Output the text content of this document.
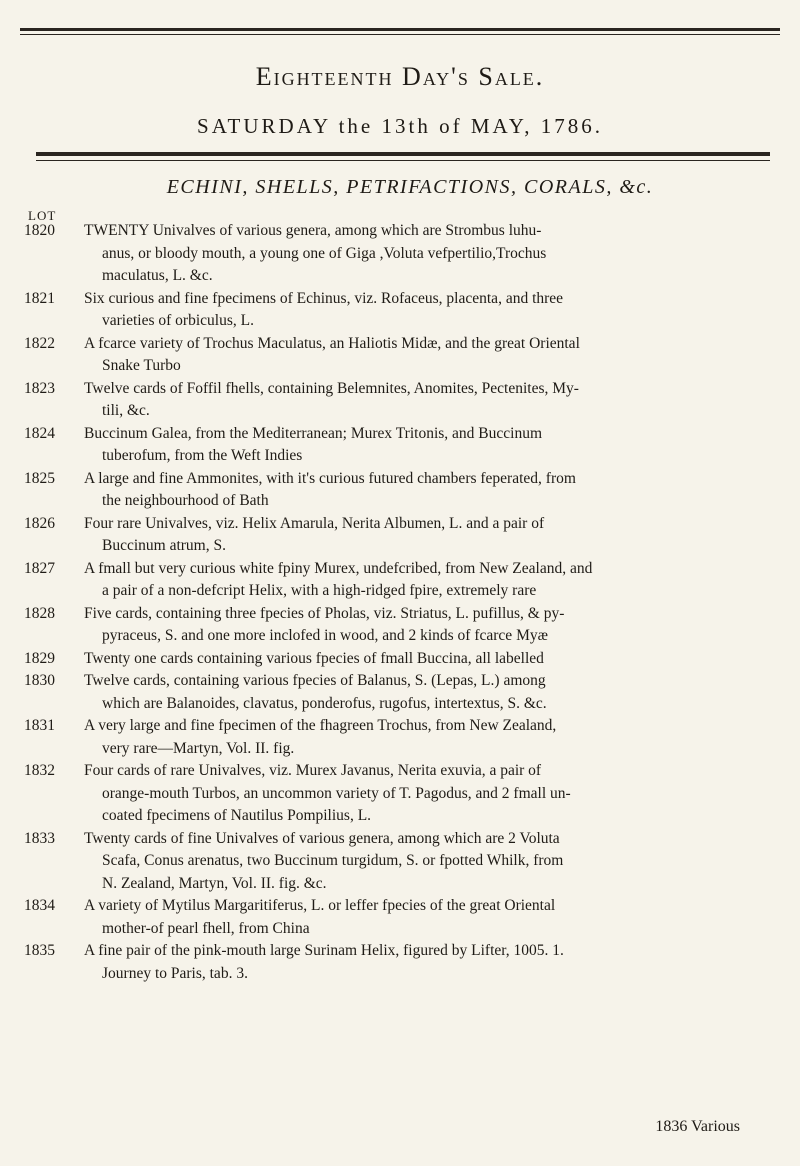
Eighteenth Day's Sale.
SATURDAY the 13th of MAY, 1786.
ECHINI, SHELLS, PETRIFACTIONS, CORALS, &c.
LOT
1820	TWENTY Univalves of various genera, among which are Strombus luhu-
anus, or bloody mouth, a young one of Giga ,Voluta vefpertilio,Trochus
maculatus, L. &c.
1821	Six curious and fine fpecimens of Echinus, viz. Rofaceus, placenta, and three
varieties of orbiculus, L.
1822	A fcarce variety of Trochus Maculatus, an Haliotis Midæ, and the great Oriental
Snake Turbo
1823	Twelve cards of Foffil fhells, containing Belemnites, Anomites, Pectenites, My-
tili, &c.
1824	Buccinum Galea, from the Mediterranean; Murex Tritonis, and Buccinum
tuberofum, from the Weft Indies
1825	A large and fine Ammonites, with it's curious futured chambers feperated, from
the neighbourhood of Bath
1826	Four rare Univalves, viz. Helix Amarula, Nerita Albumen, L. and a pair of
Buccinum atrum, S.
1827	A fmall but very curious white fpiny Murex, undefcribed, from New Zealand, and
a pair of a non-defcript Helix, with a high-ridged fpire, extremely rare
1828	Five cards, containing three fpecies of Pholas, viz. Striatus, L. pufillus, & py-
pyraceus, S. and one more inclofed in wood, and 2 kinds of fcarce Myæ
1829	Twenty one cards containing various fpecies of fmall Buccina, all labelled
1830	Twelve cards, containing various fpecies of Balanus, S. (Lepas, L.) among
which are Balanoides, clavatus, ponderofus, rugofus, intertextus, S. &c.
1831	A very large and fine fpecimen of the fhagreen Trochus, from New Zealand,
very rare—Martyn, Vol. II. fig.
1832	Four cards of rare Univalves, viz. Murex Javanus, Nerita exuvia, a pair of
orange-mouth Turbos, an uncommon variety of T. Pagodus, and 2 fmall un-
coated fpecimens of Nautilus Pompilius, L.
1833	Twenty cards of fine Univalves of various genera, among which are 2 Voluta
Scafa, Conus arenatus, two Buccinum turgidum, S. or fpotted Whilk, from
N. Zealand, Martyn, Vol. II. fig. &c.
1834	A variety of Mytilus Margaritiferus, L. or leffer fpecies of the great Oriental
mother-of pearl fhell, from China
1835	A fine pair of the pink-mouth large Surinam Helix, figured by Lifter, 1005. 1.
Journey to Paris, tab. 3.
1836 Various
